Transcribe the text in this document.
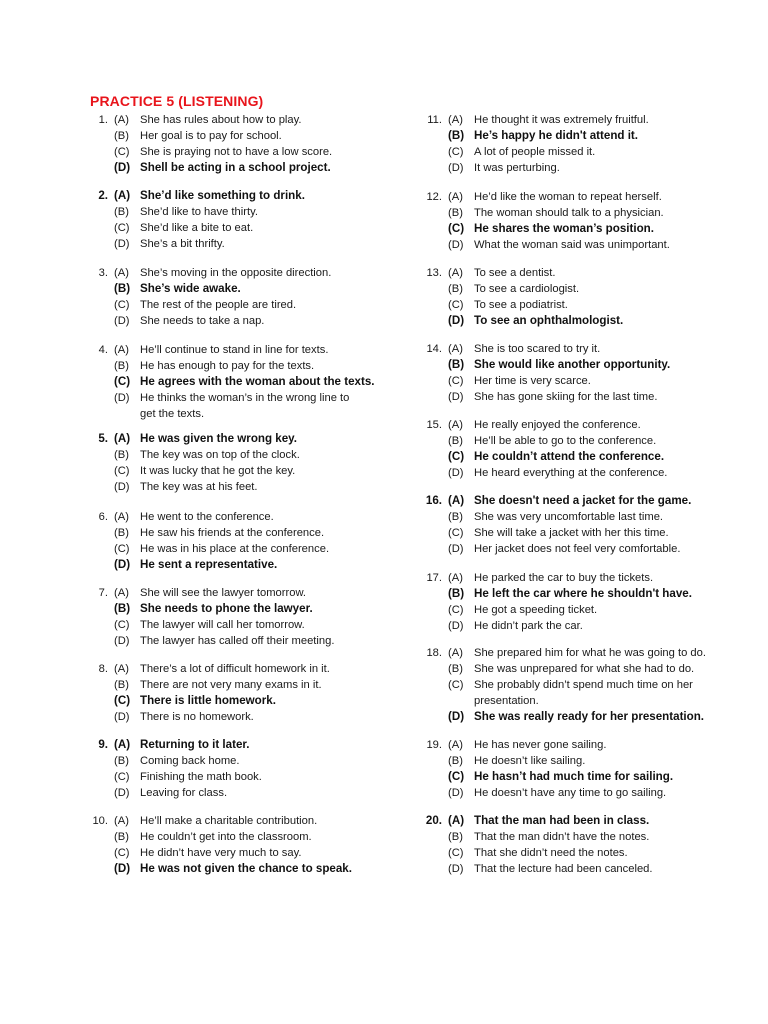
PRACTICE 5 (LISTENING)
1. (A) She has rules about how to play.
(B) Her goal is to pay for school.
(C) She is praying not to have a low score.
(D) Shell be acting in a school project.
2. (A) She’d like something to drink.
(B) She’d like to have thirty.
(C) She’d like a bite to eat.
(D) She’s a bit thrifty.
3. (A) She’s moving in the opposite direction.
(B) She’s wide awake.
(C) The rest of the people are tired.
(D) She needs to take a nap.
4. (A) He’ll continue to stand in line for texts.
(B) He has enough to pay for the texts.
(C) He agrees with the woman about the texts.
(D) He thinks the woman’s in the wrong line to
get the texts.
5. (A) He was given the wrong key.
(B) The key was on top of the clock.
(C) It was lucky that he got the key.
(D) The key was at his feet.
6. (A) He went to the conference.
(B) He saw his friends at the conference.
(C) He was in his place at the conference.
(D) He sent a representative.
7. (A) She will see the lawyer tomorrow.
(B) She needs to phone the lawyer.
(C) The lawyer will call her tomorrow.
(D) The lawyer has called off their meeting.
8. (A) There’s a lot of difficult homework in it.
(B) There are not very many exams in it.
(C) There is little homework.
(D) There is no homework.
9. (A) Returning to it later.
(B) Coming back home.
(C) Finishing the math book.
(D) Leaving for class.
10. (A) He’ll make a charitable contribution.
(B) He couldn’t get into the classroom.
(C) He didn’t have very much to say.
(D) He was not given the chance to speak.
11. (A) He thought it was extremely fruitful.
(B) He’s happy he didn't attend it.
(C) A lot of people missed it.
(D) It was perturbing.
12. (A) He’d like the woman to repeat herself.
(B) The woman should talk to a physician.
(C) He shares the woman’s position.
(D) What the woman said was unimportant.
13. (A) To see a dentist.
(B) To see a cardiologist.
(C) To see a podiatrist.
(D) To see an ophthalmologist.
14. (A) She is too scared to try it.
(B) She would like another opportunity.
(C) Her time is very scarce.
(D) She has gone skiing for the last time.
15. (A) He really enjoyed the conference.
(B) He’ll be able to go to the conference.
(C) He couldn’t attend the conference.
(D) He heard everything at the conference.
16. (A) She doesn't need a jacket for the game.
(B) She was very uncomfortable last time.
(C) She will take a jacket with her this time.
(D) Her jacket does not feel very comfortable.
17. (A) He parked the car to buy the tickets.
(B) He left the car where he shouldn't have.
(C) He got a speeding ticket.
(D) He didn’t park the car.
18. (A) She prepared him for what he was going to do.
(B) She was unprepared for what she had to do.
(C) She probably didn’t spend much time on her
presentation.
(D) She was really ready for her presentation.
19. (A) He has never gone sailing.
(B) He doesn’t like sailing.
(C) He hasn’t had much time for sailing.
(D) He doesn’t have any time to go sailing.
20. (A) That the man had been in class.
(B) That the man didn’t have the notes.
(C) That she didn’t need the notes.
(D) That the lecture had been canceled.
